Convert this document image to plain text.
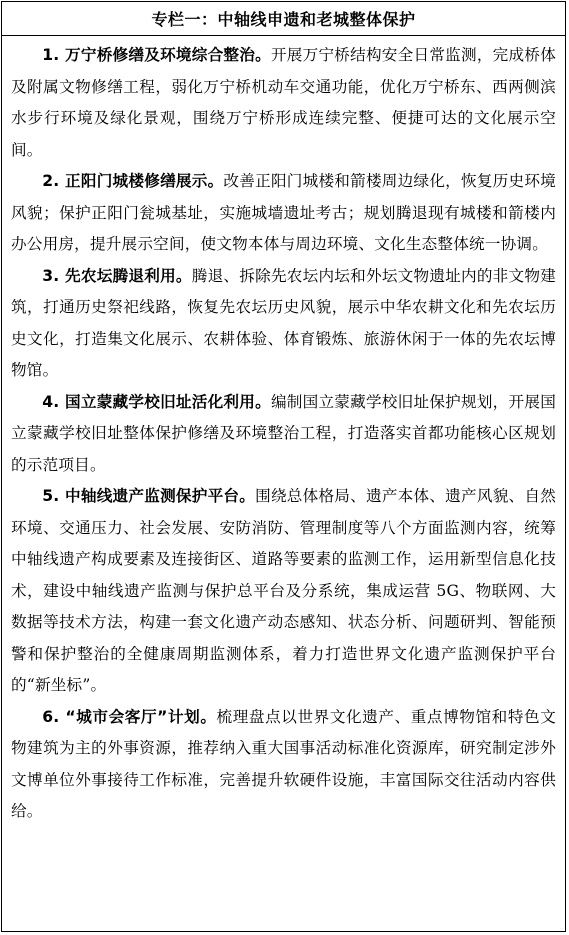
专栏一：中轴线申遗和老城整体保护

1. 万宁桥修缮及环境综合整治。开展万宁桥结构安全日常监测，完成桥体及附属文物修缮工程，弱化万宁桥机动车交通功能，优化万宁桥东、西两侧滨水步行环境及绿化景观，围绕万宁桥形成连续完整、便捷可达的文化展示空间。

2. 正阳门城楼修缮展示。改善正阳门城楼和箭楼周边绿化，恢复历史环境风貌；保护正阳门瓮城基址，实施城墙遗址考古；规划腾退现有城楼和箭楼内办公用房，提升展示空间，使文物本体与周边环境、文化生态整体统一协调。

3. 先农坛腾退利用。腾退、拆除先农坛内坛和外坛文物遗址内的非文物建筑，打通历史祭祀线路，恢复先农坛历史风貌，展示中华农耕文化和先农坛历史文化，打造集文化展示、农耕体验、体育锻炼、旅游休闲于一体的先农坛博物馆。

4. 国立蒙藏学校旧址活化利用。编制国立蒙藏学校旧址保护规划，开展国立蒙藏学校旧址整体保护修缮及环境整治工程，打造落实首都功能核心区规划的示范项目。

5. 中轴线遗产监测保护平台。围绕总体格局、遗产本体、遗产风貌、自然环境、交通压力、社会发展、安防消防、管理制度等八个方面监测内容，统筹中轴线遗产构成要素及连接街区、道路等要素的监测工作，运用新型信息化技术，建设中轴线遗产监测与保护总平台及分系统，集成运营 5G、物联网、大数据等技术方法，构建一套文化遗产动态感知、状态分析、问题研判、智能预警和保护整治的全健康周期监测体系，着力打造世界文化遗产监测保护平台的“新坐标”。

6. “城市会客厅”计划。梳理盘点以世界文化遗产、重点博物馆和特色文物建筑为主的外事资源，推荐纳入重大国事活动标准化资源库，研究制定涉外文博单位外事接待工作标准，完善提升软硬件设施，丰富国际交往活动内容供给。
